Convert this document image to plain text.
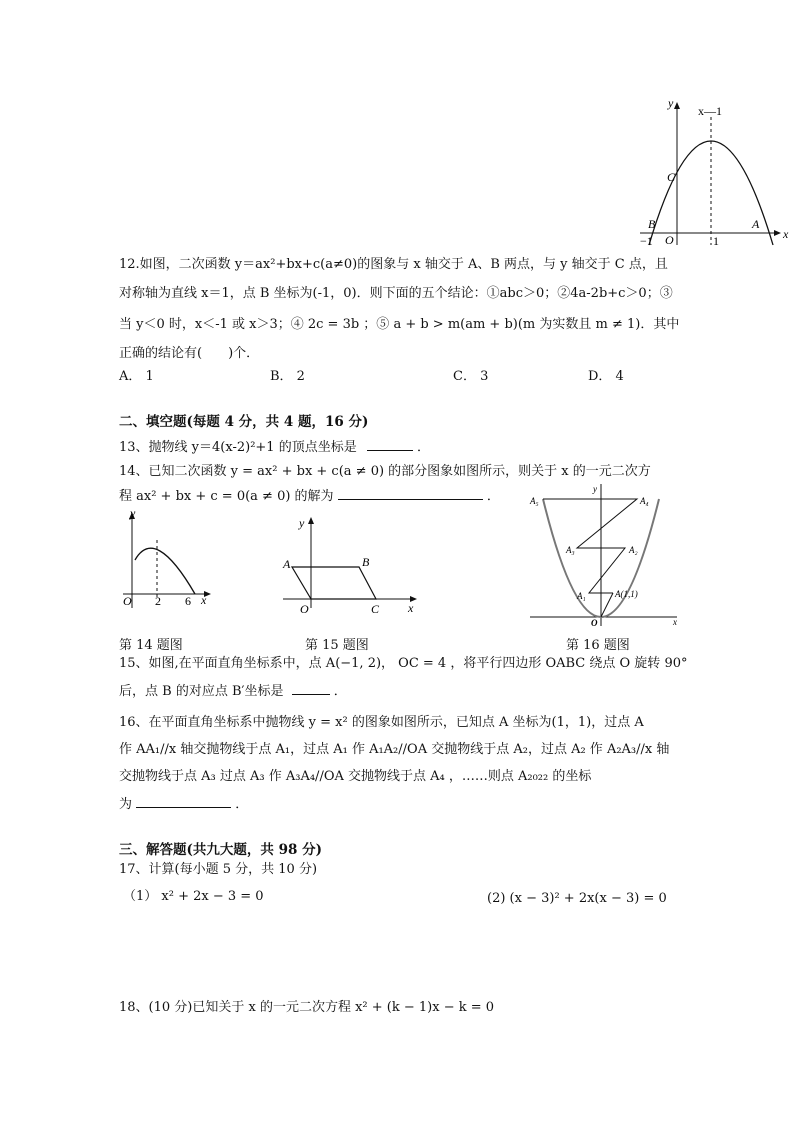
y
x
x—1
C
B
O
A
1
−1
12.如图，二次函数 y＝ax²+bx+c(a≠0)的图象与 x 轴交于 A、B 两点，与 y 轴交于 C 点，且
对称轴为直线 x＝1，点 B 坐标为(-1，0)．则下面的五个结论：①abc＞0；②4a-2b+c＞0；③
当 y＜0 时，x＜-1 或 x＞3；④ 2c = 3b ；⑤ a + b > m(am + b)(m 为实数且 m ≠ 1)．其中
正确的结论有(　　)个．
A． 1	B． 2	C． 3	D． 4
二、填空题(每题 4 分，共 4 题，16 分)
13、抛物线 y＝4(x-2)²+1 的顶点坐标是	．
14、已知二次函数 y = ax² + bx + c(a ≠ 0) 的部分图象如图所示，则关于 x 的一元二次方
程 ax² + bx + c = 0(a ≠ 0) 的解为	．
y
x
O 2 6
y
x
O
A	B
C
y
x
O
A(1,1)
A₁
A₂
A₃
A₄
A₅
第 14 题图	第 15 题图	第 16 题图
15、如图,在平面直角坐标系中，点 A(−1, 2)， OC = 4 ，将平行四边形 OABC 绕点 O 旋转 90°
后，点 B 的对应点 B′坐标是	．
16、在平面直角坐标系中抛物线 y = x² 的图象如图所示，已知点 A 坐标为(1，1)，过点 A
作 AA₁//x 轴交抛物线于点 A₁，过点 A₁ 作 A₁A₂//OA 交抛物线于点 A₂，过点 A₂ 作 A₂A₃//x 轴
交抛物线于点 A₃ 过点 A₃ 作 A₃A₄//OA 交抛物线于点 A₄ ，……则点 A₂₀₂₂ 的坐标
为	．
三、解答题(共九大题，共 98 分)
17、计算(每小题 5 分，共 10 分)
（1） x² + 2x − 3 = 0	(2) (x − 3)² + 2x(x − 3) = 0
18、(10 分)已知关于 x 的一元二次方程 x² + (k − 1)x − k = 0
